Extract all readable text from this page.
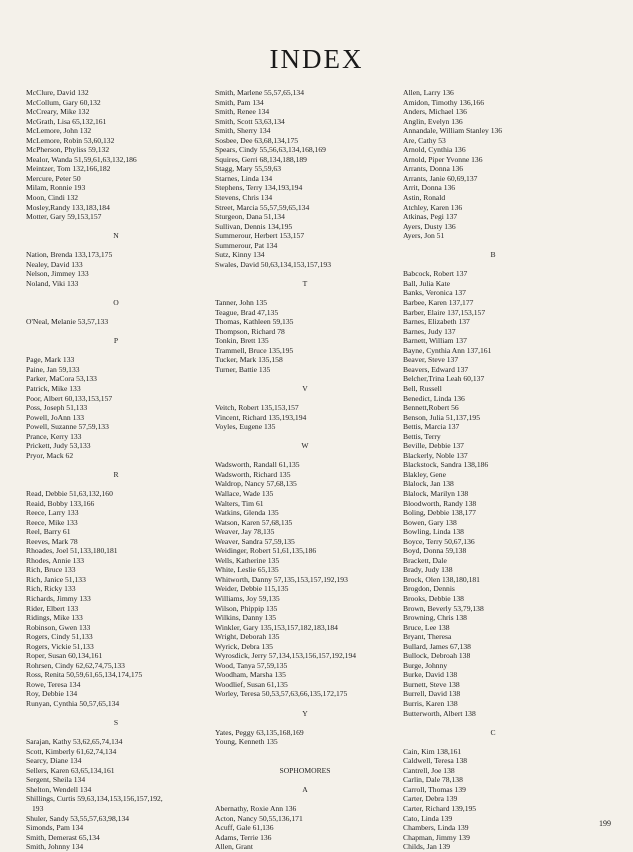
INDEX
McClure, David 132
McCollum, Gary 60,132
McCreary, Mike 132
McGrath, Lisa 65,132,161
McLemore, John 132
McLemore, Robin 53,60,132
McPherson, Phyliss 59,132
Mealor, Wanda 51,59,61,63,132,186
Meintzer, Tom 132,166,182
Mercure, Peter 50
Milam, Ronnie 193
Moon, Cindi 132
Mosley,Randy 133,183,184
Motter, Gary 59,153,157
N
Nation, Brenda 133,173,175
Nealey, David 133
Nelson, Jimmey 133
Noland, Viki 133
O
O'Neal, Melanie 53,57,133
P
Page, Mark 133
Paine, Jan 59,133
Parker, MaCora 53,133
Patrick, Mike 133
Poor, Albert 60,133,153,157
Poss, Joseph 51,133
Powell, JoAnn 133
Powell, Suzanne 57,59,133
Prance, Kerry 133
Prickett, Judy 53,133
Pryor, Mack 62
R
Read, Debbie 51,63,132,160
Reaid, Bobby 133,166
Reece, Larry 133
Reece, Mike 133
Reel, Barry 61
Reeves, Mark 78
Rhoades, Joel 51,133,180,181
Rhodes, Annie 133
Rich, Bruce 133
Rich, Janice 51,133
Rich, Ricky 133
Richards, Jimmy 133
Rider, Elbert 133
Ridings, Mike 133
Robinson, Gwen 133
Rogers, Cindy 51,133
Rogers, Vickie 51,133
Roper, Susan 60,134,161
Rohrsen, Cindy 62,62,74,75,133
Ross, Renita 50,59,61,65,134,174,175
Rowe, Teresa 134
Roy, Debbie 134
Runyan, Cynthia 50,57,65,134
S
Sarajan, Kathy 53,62,65,74,134
Scott, Kimberly 61,62,74,134
Searcy, Diane 134
Sellers, Karen 63,65,134,161
Sergent, Sheila 134
Shelton, Wendell 134
Shillings, Curtis 59,63,134,153,156,157,192,
193
Shuler, Sandy 53,55,57,63,98,134
Simonds, Pam 134
Smith, Demerast 65,134
Smith, Johnny 134
Smith, Marlene 55,57,65,134
Smith, Pam 134
Smith, Renee 134
Smith, Scott 53,63,134
Smith, Sherry 134
Sosbee, Dee 63,68,134,175
Spears, Cindy 55,56,63,134,168,169
Squires, Gerri 68,134,188,189
Stagg, Mary 55,59,63
Starnes, Linda 134
Stephens, Terry 134,193,194
Stevens, Chris 134
Street, Marcia 55,57,59,65,134
Sturgeon, Dana 51,134
Sullivan, Dennis 134,195
Summerour, Herbert 153,157
Summerour, Pat 134
Sutz, Kinny 134
Swales, David 50,63,134,153,157,193
T
Tanner, John 135
Teague, Brad 47,135
Thomas, Kathleen 59,135
Thompson, Richard 78
Tonkin, Brett 135
Trammell, Bruce 135,195
Tucker, Mark 135,158
Turner, Battie 135
V
Veitch, Robert 135,153,157
Vincent, Richard 135,193,194
Voyles, Eugene 135
W
Wadsworth, Randall 61,135
Wadsworth, Richard 135
Waldrop, Nancy 57,68,135
Wallace, Wade 135
Walters, Tim 61
Watkins, Glenda 135
Watson, Karen 57,68,135
Weaver, Jay 78,135
Weaver, Sandra 57,59,135
Weidinger, Robert 51,61,135,186
Wells, Katherine 135
White, Leslie 65,135
Whitworth, Danny 57,135,153,157,192,193
Weider, Debbie 115,135
Williams, Joy 59,135
Wilson, Phippip 135
Wilkins, Danny 135
Winkler, Gary 135,153,157,182,183,184
Wright, Deborah 135
Wyrick, Debra 135
Wyrosdick, Jerry 57,134,153,156,157,192,194
Wood, Tanya 57,59,135
Woodham, Marsha 135
Woodlief, Susan 61,135
Worley, Teresa 50,53,57,63,66,135,172,175
Y
Yates, Peggy 63,135,168,169
Young, Kenneth 135
SOPHOMORES
A
Abernathy, Roxie Ann 136
Acton, Nancy 50,55,136,171
Acuff, Gale 61,136
Adams, Terrie 136
Allen, Grant
Allen, Larry 136
Amidon, Timothy 136,166
Anders, Michael 136
Anglin, Evelyn 136
Annandale, William Stanley 136
Are, Cathy 53
Arnold, Cynthia 136
Arnold, Piper Yvonne 136
Arrants, Donna 136
Arrants, Janie 60,69,137
Arrit, Donna 136
Astin, Ronald
Atchley, Karen 136
Atkinas, Pegi 137
Ayers, Dusty 136
Ayers, Jon 51
B
Babcock, Robert 137
Ball, Julia Kate
Banks, Veronica 137
Barbee, Karen 137,177
Barber, Elaire 137,153,157
Barnes, Elizabeth 137
Barnes, Judy 137
Barnett, William 137
Bayne, Cynthia Ann 137,161
Beaver, Steve 137
Beavers, Edward 137
Belcher,Trina Leah 60,137
Bell, Russell
Benedict, Linda 136
Bennett,Robert 56
Benson, Julia 51,137,195
Bettis, Marcia 137
Bettis, Terry
Beville, Debbie 137
Blackerly, Noble 137
Blackstock, Sandra 138,186
Blakley, Gene
Blalock, Jan 138
Blalock, Marilyn 138
Bloodworth, Randy 138
Boling, Debbie 138,177
Bowen, Gary 138
Bowling, Linda 138
Boyce, Terry 50,67,136
Boyd, Donna 59,138
Brackett, Dale
Brady, Judy 138
Brock, Olen 138,180,181
Brogdon, Dennis
Brooks, Debbie 138
Brown, Beverly 53,79,138
Browning, Chris 138
Bruce, Lee 138
Bryant, Theresa
Bullard, James 67,138
Bullock, Debroah 138
Burge, Johnny
Burke, David 138
Burnett, Steve 138
Burrell, David 138
Burris, Karen 138
Butterworth, Albert 138
C
Cain, Kim 138,161
Caldwell, Teresa 138
Cantrell, Joe 138
Carlin, Dale 78,138
Carroll, Thomas 139
Carter, Debra 139
Carter, Richard 139,195
Cato, Linda 139
Chambers, Linda 139
Chapman, Jimmy 139
Childs, Jan 139
199
